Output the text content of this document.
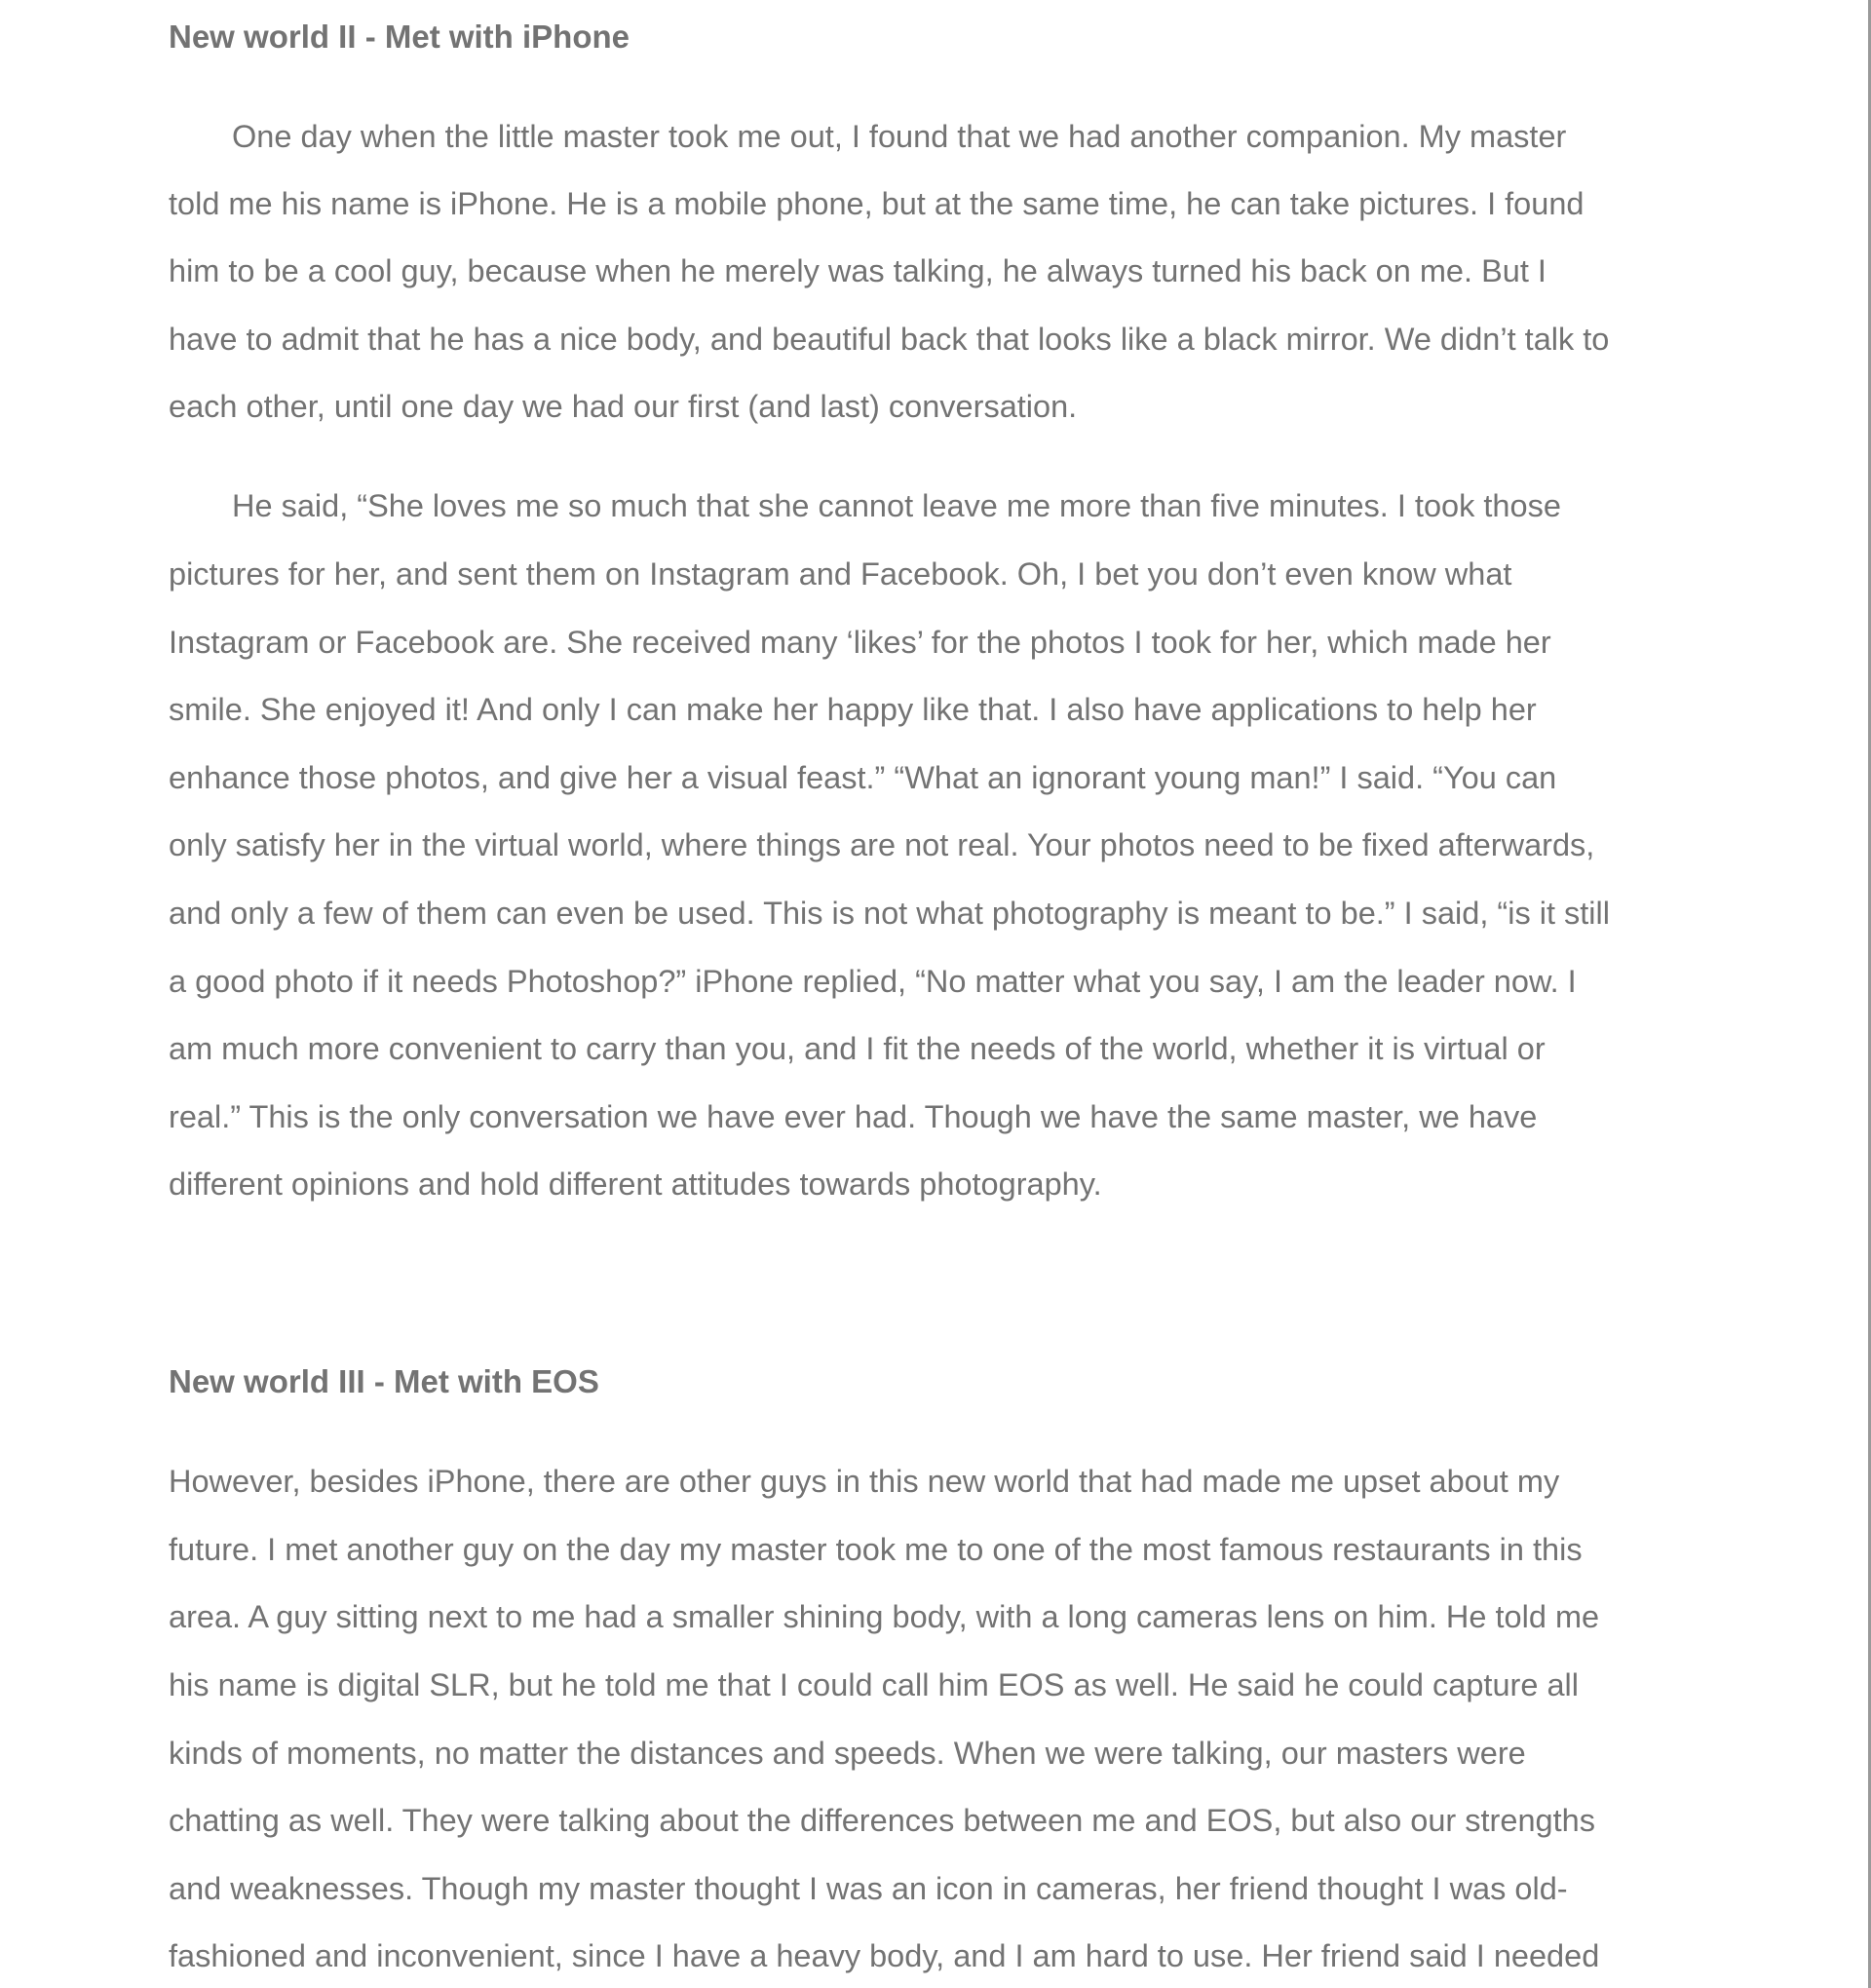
New world II - Met with iPhone
One day when the little master took me out, I found that we had another companion. My master
told me his name is iPhone. He is a mobile phone, but at the same time, he can take pictures. I found
him to be a cool guy, because when he merely was talking, he always turned his back on me. But I
have to admit that he has a nice body, and beautiful back that looks like a black mirror. We didn’t talk to
each other, until one day we had our first (and last) conversation.
He said, “She loves me so much that she cannot leave me more than five minutes. I took those
pictures for her, and sent them on Instagram and Facebook. Oh, I bet you don’t even know what
Instagram or Facebook are. She received many ‘likes’ for the photos I took for her, which made her
smile. She enjoyed it! And only I can make her happy like that. I also have applications to help her
enhance those photos, and give her a visual feast.” “What an ignorant young man!” I said. “You can
only satisfy her in the virtual world, where things are not real. Your photos need to be fixed afterwards,
and only a few of them can even be used. This is not what photography is meant to be.” I said, “is it still
a good photo if it needs Photoshop?” iPhone replied, “No matter what you say, I am the leader now. I
am much more convenient to carry than you, and I fit the needs of the world, whether it is virtual or
real.” This is the only conversation we have ever had. Though we have the same master, we have
different opinions and hold different attitudes towards photography.
New world III - Met with EOS
However, besides iPhone, there are other guys in this new world that had made me upset about my
future. I met another guy on the day my master took me to one of the most famous restaurants in this
area. A guy sitting next to me had a smaller shining body, with a long cameras lens on him. He told me
his name is digital SLR, but he told me that I could call him EOS as well. He said he could capture all
kinds of moments, no matter the distances and speeds. When we were talking, our masters were
chatting as well. They were talking about the differences between me and EOS, but also our strengths
and weaknesses. Though my master thought I was an icon in cameras, her friend thought I was old-
fashioned and inconvenient, since I have a heavy body, and I am hard to use. Her friend said I needed
